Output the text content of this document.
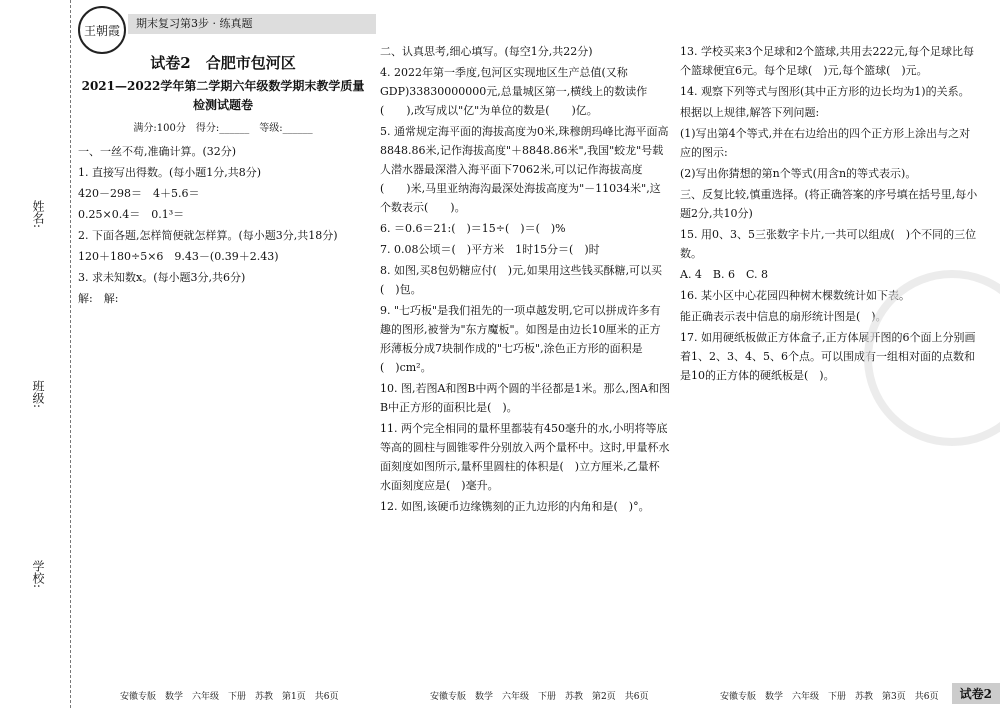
姓名:
班级:
学校:
王朝霞	期末复习第3步 · 练真题
试卷2　合肥市包河区
2021—2022学年第二学期六年级数学期末教学质量检测试题卷
满分:100分　得分:______　等级:______
一、一丝不苟,准确计算。(32分)
1. 直接写出得数。(每小题1分,共8分)
420－298＝　4＋5.6＝
0.25×0.4＝　0.1³＝
2. 下面各题,怎样简便就怎样算。(每小题3分,共18分)
120＋180÷5×6　9.43－(0.39＋2.43)
3. 求未知数x。(每小题3分,共6分)
解:　解:
二、认真思考,细心填写。(每空1分,共22分)
4. 2022年第一季度,包河区实现地区生产总值(又称GDP)33830000000元,总量城区第一,横线上的数读作(　　),改写成以"亿"为单位的数是(　　)亿。
5. 通常规定海平面的海拔高度为0米,珠穆朗玛峰比海平面高8848.86米,记作海拔高度"＋8848.86米",我国"蛟龙"号载人潜水器最深潜入海平面下7062米,可以记作海拔高度(　　)米,马里亚纳海沟最深处海拔高度为"－11034米",这个数表示(　　)。
6. ＝0.6＝21:(　)＝15÷(　)＝(　)%
7. 0.08公顷＝(　)平方米　1时15分＝(　)时
8. 如图,买8包奶糖应付(　)元,如果用这些钱买酥糖,可以买(　)包。
9. "七巧板"是我们祖先的一项卓越发明,它可以拼成许多有趣的图形,被誉为"东方魔板"。如图是由边长10厘米的正方形薄板分成7块制作成的"七巧板",涂色正方形的面积是(　)cm²。
10. 图,若图A和图B中两个圆的半径都是1米。那么,图A和图B中正方形的面积比是(　)。
11. 两个完全相同的量杯里都装有450毫升的水,小明将等底等高的圆柱与圆锥零件分别放入两个量杯中。这时,甲量杯水面刻度如图所示,量杯里圆柱的体积是(　)立方厘米,乙量杯水面刻度应是(　)毫升。
12. 如图,该硬币边缘镌刻的正九边形的内角和是(　)°。
13. 学校买来3个足球和2个篮球,共用去222元,每个足球比每个篮球便宜6元。每个足球(　)元,每个篮球(　)元。
14. 观察下列等式与图形(其中正方形的边长均为1)的关系。
根据以上规律,解答下列问题:
(1)写出第4个等式,并在右边给出的四个正方形上涂出与之对应的图示:
(2)写出你猜想的第n个等式(用含n的等式表示)。
三、反复比较,慎重选择。(将正确答案的序号填在括号里,每小题2分,共10分)
15. 用0、3、5三张数字卡片,一共可以组成(　)个不同的三位数。
A. 4　B. 6　C. 8
16. 某小区中心花园四种树木棵数统计如下表。
能正确表示表中信息的扇形统计图是(　)。
17. 如用硬纸板做正方体盒子,正方体展开图的6个面上分别画着1、2、3、4、5、6个点。可以围成有一组相对面的点数和是10的正方体的硬纸板是(　)。
安徽专版　数学　六年级　下册　苏教　第1页　共6页	安徽专版　数学　六年级　下册　苏教　第2页　共6页	安徽专版　数学　六年级　下册　苏教　第3页　共6页	试卷2
